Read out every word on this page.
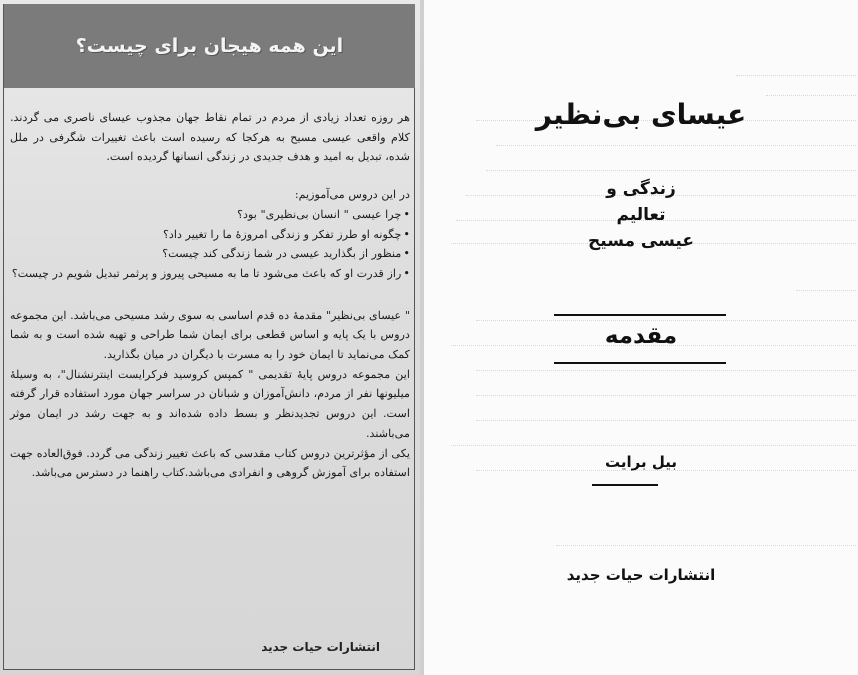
این همه هیجان برای چیست؟

هر روزه تعداد زیادی از مردم در تمام نقاط جهان مجذوب عیسای ناصری می گردند. کلام واقعی عیسی مسیح به هرکجا که رسیده است باعث تغییرات شگرفی در ملل شده، تبدیل به امید و هدف جدیدی در زندگی انسانها گردیده است.

در این دروس می‌آموزیم:

• چرا عیسی " انسان بی‌نظیری" بود؟
• چگونه او طرز تفکر و زندگی امروزهٔ ما را تغییر داد؟
• منظور از بگذارید عیسی در شما زندگی کند چیست؟
• راز قدرت او که باعث می‌شود تا ما به مسیحی پیروز و پرثمر تبدیل شویم در چیست؟

" عیسای بی‌نظیر" مقدمهٔ ده قدم اساسی به سوی رشد مسیحی می‌باشد. این مجموعه دروس با یک پایه و اساس قطعی برای ایمان شما طراحی و تهیه شده است و به شما کمک می‌نماید تا ایمان خود را به مسرت با دیگران در میان بگذارید.

این مجموعه دروس پایهٔ تقدیمی " کمپس کروسید فرکرایست اینترنشنال"، به وسیلهٔ میلیونها نفر از مردم، دانش‌آموزان و شبانان در سراسر جهان مورد استفاده قرار گرفته است. این دروس تجدیدنظر و بسط داده شده‌اند و به جهت رشد در ایمان موثر می‌باشند.

یکی از مؤثرترین دروس کتاب مقدسی که باعث تغییر زندگی می گردد. فوق‌العاده جهت استفاده برای آموزش گروهی و انفرادی می‌باشد.کتاب راهنما در دسترس می‌باشد.

انتشارات حیات جدید
عیسای بی‌نظیر
زندگی و
تعالیم
عیسی مسیح
مقدمه
بیل برایت
انتشارات حیات جدید
